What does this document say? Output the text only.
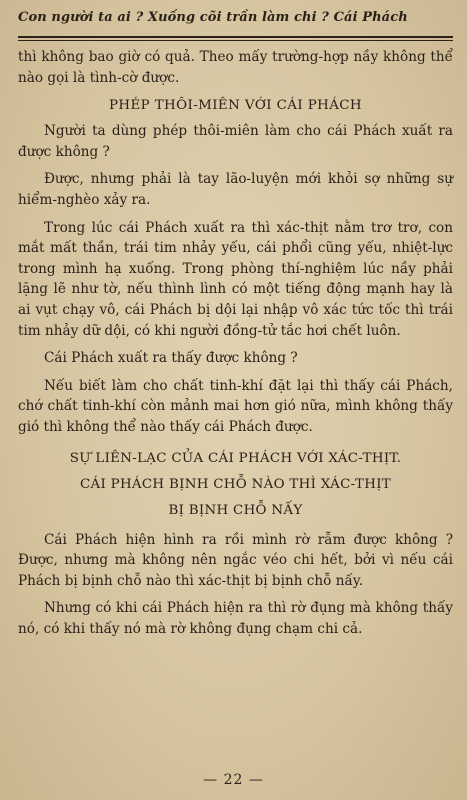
Con người ta ai ? Xuống cõi trần làm chi ? Cái Phách

thì không bao giờ có quả. Theo mấy trường-hợp nầy không thể nào gọi là tình-cờ được.

PHÉP THÔI-MIÊN VỚI CÁI PHÁCH

Người ta dùng phép thôi-miên làm cho cái Phách xuất ra được không ?

Được, nhưng phải là tay lão-luyện mới khỏi sợ những sự hiểm-nghèo xảy ra.

Trong lúc cái Phách xuất ra thì xác-thịt nằm trơ trơ, con mắt mất thần, trái tim nhảy yếu, cái phổi cũng yếu, nhiệt-lực trong mình hạ xuống. Trong phòng thí-nghiệm lúc nầy phải lặng lẽ như tờ, nếu thình lình có một tiếng động mạnh hay là ai vụt chạy vô, cái Phách bị dội lại nhập vô xác tức tốc thì trái tim nhảy dữ dội, có khi người đồng-tử tắc hơi chết luôn.

Cái Phách xuất ra thấy được không ?

Nếu biết làm cho chất tinh-khí đặt lại thì thấy cái Phách, chớ chất tinh-khí còn mảnh mai hơn gió nữa, mình không thấy gió thì không thể nào thấy cái Phách được.

SỰ LIÊN-LẠC CỦA CÁI PHÁCH VỚI XÁC-THỊT.
CÁI PHÁCH BỊNH CHỖ NÀO THÌ XÁC-THỊT
BỊ BỊNH CHỖ NẤY

Cái Phách hiện hình ra rồi mình rờ rẫm được không ? Được, nhưng mà không nên ngắc véo chi hết, bởi vì nếu cái Phách bị bịnh chỗ nào thì xác-thịt bị bịnh chỗ nấy.

Nhưng có khi cái Phách hiện ra thì rờ đụng mà không thấy nó, có khi thấy nó mà rờ không đụng chạm chi cả.

— 22 —
